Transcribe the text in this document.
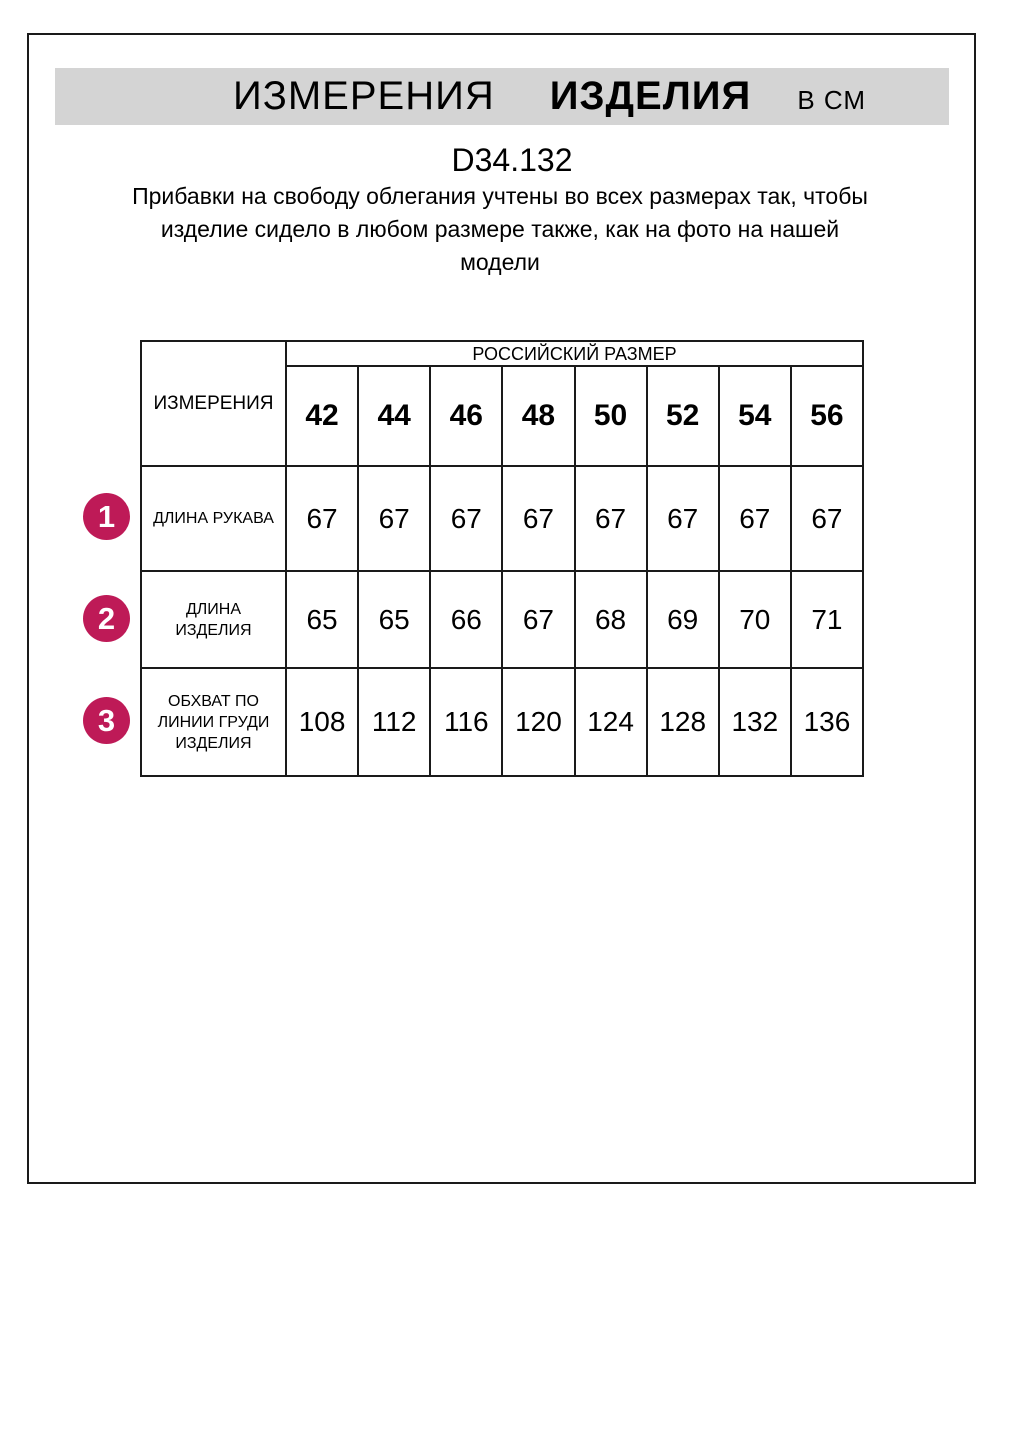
ИЗМЕРЕНИЯ ИЗДЕЛИЯ В СМ
D34.132
Прибавки на свободу облегания учтены во всех размерах так, чтобы
изделие сидело в любом размере также, как на фото на нашей
модели
ИЗМЕРЕНИЯ	РОССИЙСКИЙ РАЗМЕР							
	42	44	46	48	50	52	54	56
ДЛИНА РУКАВА	67	67	67	67	67	67	67	67
ДЛИНА ИЗДЕЛИЯ	65	65	66	67	68	69	70	71
ОБХВАТ ПО ЛИНИИ ГРУДИ ИЗДЕЛИЯ	108	112	116	120	124	128	132	136
1
2
3
